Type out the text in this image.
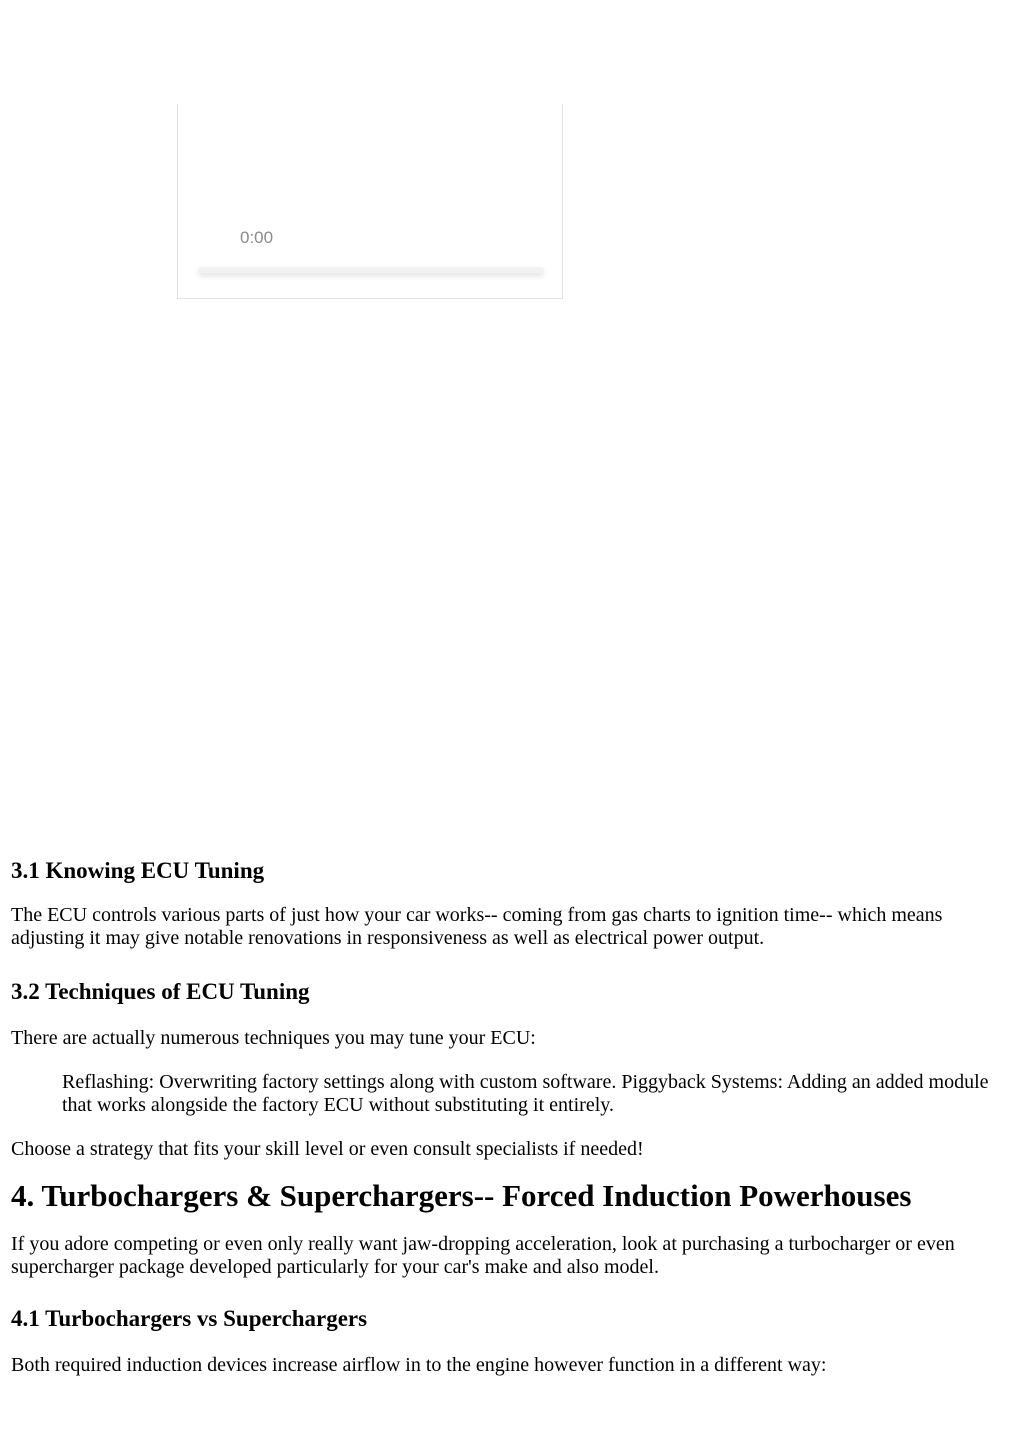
0:00
3.1 Knowing ECU Tuning

The ECU controls various parts of just how your car works-- coming from gas charts to ignition time-- which means adjusting it may give notable renovations in responsiveness as well as electrical power output.

3.2 Techniques of ECU Tuning

There are actually numerous techniques you may tune your ECU:

Reflashing: Overwriting factory settings along with custom software. Piggyback Systems: Adding an added module that works alongside the factory ECU without substituting it entirely.

Choose a strategy that fits your skill level or even consult specialists if needed!

4. Turbochargers & Superchargers-- Forced Induction Powerhouses

If you adore competing or even only really want jaw-dropping acceleration, look at purchasing a turbocharger or even supercharger package developed particularly for your car's make and also model.

4.1 Turbochargers vs Superchargers

Both required induction devices increase airflow in to the engine however function in a different way:
